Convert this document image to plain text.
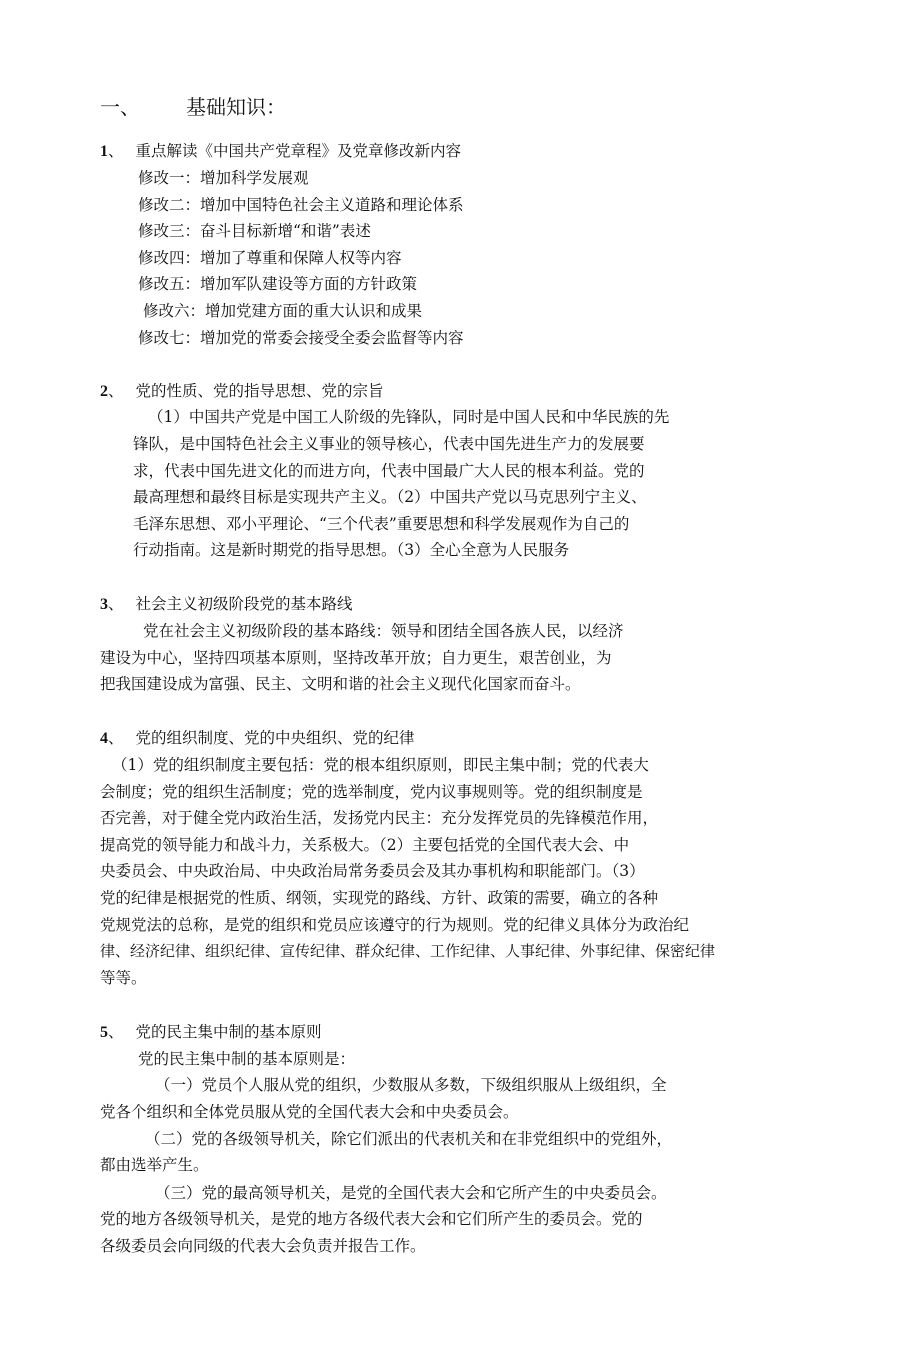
一、 基础知识：
1、 重点解读《中国共产党章程》及党章修改新内容
修改一：增加科学发展观
修改二：增加中国特色社会主义道路和理论体系
修改三：奋斗目标新增“和谐”表述
修改四：增加了尊重和保障人权等内容
修改五：增加军队建设等方面的方针政策
修改六：增加党建方面的重大认识和成果
修改七：增加党的常委会接受全委会监督等内容
2、 党的性质、党的指导思想、党的宗旨
（1）中国共产党是中国工人阶级的先锋队，同时是中国人民和中华民族的先
锋队，是中国特色社会主义事业的领导核心，代表中国先进生产力的发展要
求，代表中国先进文化的而进方向，代表中国最广大人民的根本利益。党的
最高理想和最终目标是实现共产主义。（2）中国共产党以马克思列宁主义、
毛泽东思想、邓小平理论、“三个代表”重要思想和科学发展观作为自己的
行动指南。这是新时期党的指导思想。（3）全心全意为人民服务
3、 社会主义初级阶段党的基本路线
党在社会主义初级阶段的基本路线：领导和团结全国各族人民，以经济
建设为中心，坚持四项基本原则，坚持改革开放；自力更生，艰苦创业，为
把我国建设成为富强、民主、文明和谐的社会主义现代化国家而奋斗。
4、 党的组织制度、党的中央组织、党的纪律
（1）党的组织制度主要包括：党的根本组织原则，即民主集中制；党的代表大
会制度；党的组织生活制度；党的选举制度，党内议事规则等。党的组织制度是
否完善，对于健全党内政治生活，发扬党内民主：充分发挥党员的先锋模范作用，
提高党的领导能力和战斗力，关系极大。（2）主要包括党的全国代表大会、中
央委员会、中央政治局、中央政治局常务委员会及其办事机构和职能部门。（3）
党的纪律是根据党的性质、纲领，实现党的路线、方针、政策的需要，确立的各种
党规党法的总称，是党的组织和党员应该遵守的行为规则。党的纪律义具体分为政治纪
律、经济纪律、组织纪律、宣传纪律、群众纪律、工作纪律、人事纪律、外事纪律、保密纪律
等等。
5、 党的民主集中制的基本原则
党的民主集中制的基本原则是：
（一）党员个人服从党的组织，少数服从多数，下级组织服从上级组织，全
党各个组织和全体党员服从党的全国代表大会和中央委员会。
（二）党的各级领导机关，除它们派出的代表机关和在非党组织中的党组外，
都由选举产生。
（三）党的最高领导机关，是党的全国代表大会和它所产生的中央委员会。
党的地方各级领导机关，是党的地方各级代表大会和它们所产生的委员会。党的
各级委员会向同级的代表大会负责并报告工作。
